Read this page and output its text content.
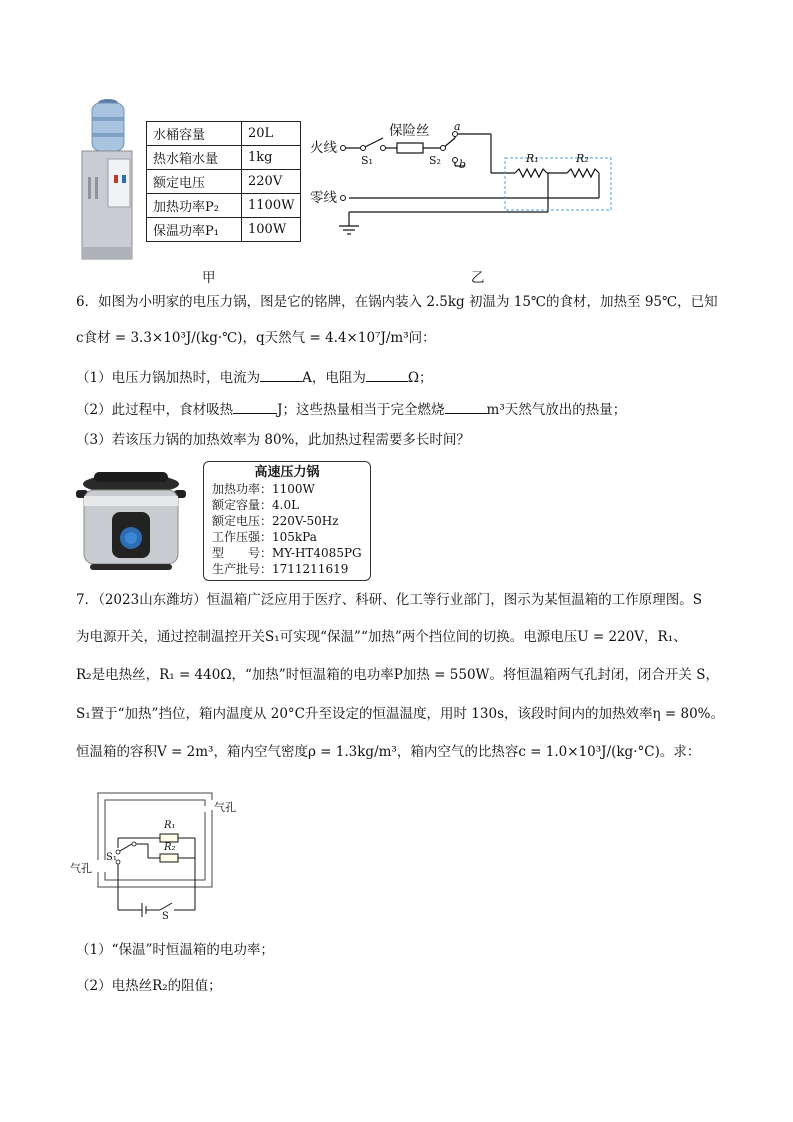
水桶容量	20L
热水箱水量	1kg
额定电压	220V
加热功率P₂	1100W
保温功率P₁	100W
火线
零线
保险丝
S₁	S₂
a
b	R₁	R₂
甲	乙
6．如图为小明家的电压力锅，图是它的铭牌，在锅内装入 2.5kg 初温为 15℃的食材，加热至 95℃，已知
c食材 = 3.3×10³J/(kg·℃)，q天然气 = 4.4×10⁷J/m³问：
（1）电压力锅加热时，电流为	A，电阻为	Ω；
（2）此过程中，食材吸热	J；这些热量相当于完全燃烧	m³天然气放出的热量；
（3）若该压力锅的加热效率为 80%，此加热过程需要多长时间？
高速压力锅
加热功率：1100W
额定容量：4.0L
额定电压：220V-50Hz
工作压强：105kPa
型　　号：MY-HT4085PG
生产批号：1711211619
7．（2023山东潍坊）恒温箱广泛应用于医疗、科研、化工等行业部门，图示为某恒温箱的工作原理图。S
为电源开关，通过控制温控开关S₁可实现“保温”“加热”两个挡位间的切换。电源电压U = 220V，R₁、
R₂是电热丝，R₁ = 440Ω，“加热”时恒温箱的电功率P加热 = 550W。将恒温箱两气孔封闭，闭合开关 S，
S₁置于“加热”挡位，箱内温度从 20°C升至设定的恒温温度，用时 130s，该段时间内的加热效率η = 80%。
恒温箱的容积V = 2m³，箱内空气密度ρ = 1.3kg/m³，箱内空气的比热容c = 1.0×10³J/(kg·°C)。求：
气孔
气孔
R₁
R₂
S₁
S
（1）“保温”时恒温箱的电功率；
（2）电热丝R₂的阻值；
